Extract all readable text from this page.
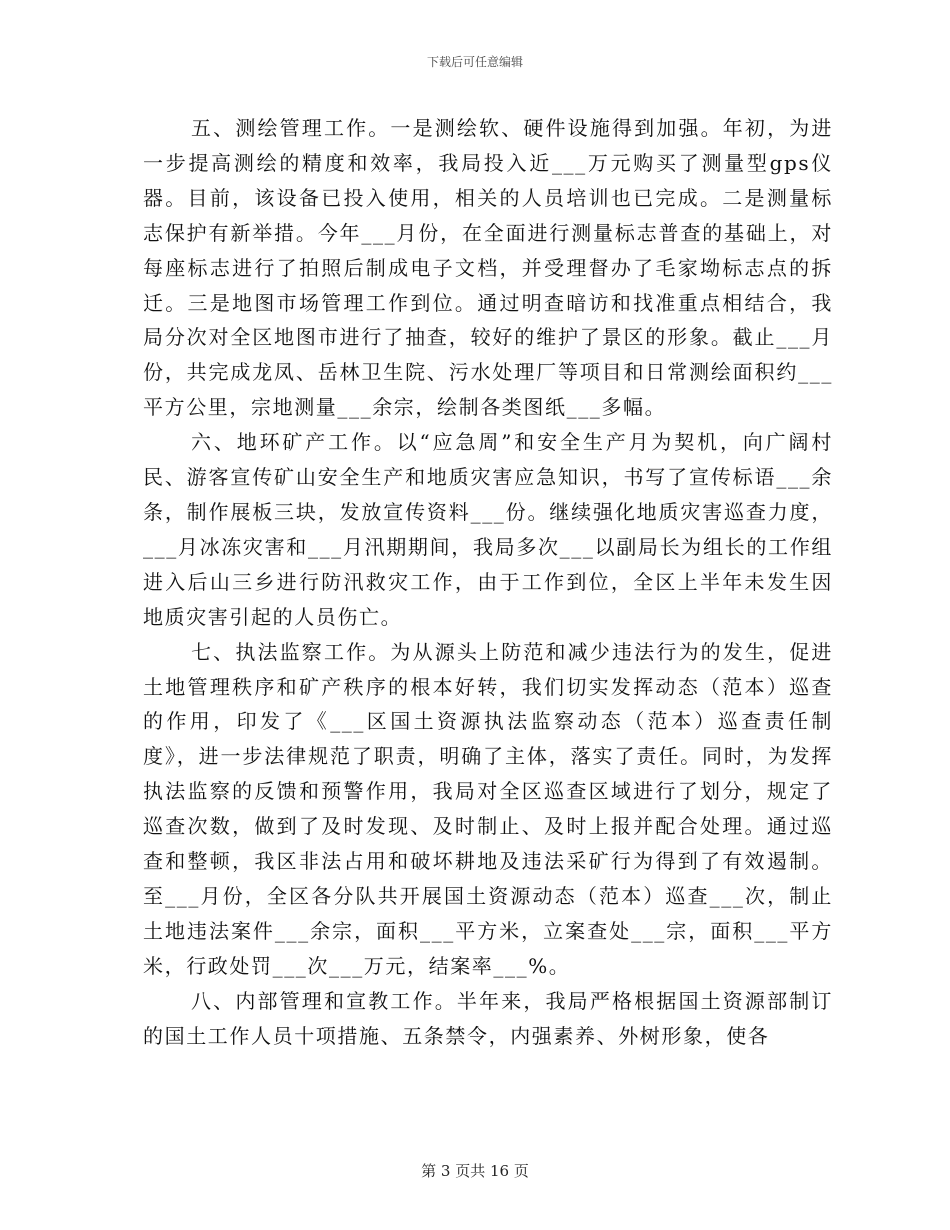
下载后可任意编辑

五、测绘管理工作。一是测绘软、硬件设施得到加强。年初，为进一步提高测绘的精度和效率，我局投入近___万元购买了测量型gps仪器。目前，该设备已投入使用，相关的人员培训也已完成。二是测量标志保护有新举措。今年___月份，在全面进行测量标志普查的基础上，对每座标志进行了拍照后制成电子文档，并受理督办了毛家坳标志点的拆迁。三是地图市场管理工作到位。通过明查暗访和找准重点相结合，我局分次对全区地图市进行了抽查，较好的维护了景区的形象。截止___月份，共完成龙凤、岳林卫生院、污水处理厂等项目和日常测绘面积约___平方公里，宗地测量___余宗，绘制各类图纸___多幅。

六、地环矿产工作。以“应急周”和安全生产月为契机，向广阔村民、游客宣传矿山安全生产和地质灾害应急知识，书写了宣传标语___余条，制作展板三块，发放宣传资料___份。继续强化地质灾害巡查力度，___月冰冻灾害和___月汛期期间，我局多次___以副局长为组长的工作组进入后山三乡进行防汛救灾工作，由于工作到位，全区上半年未发生因地质灾害引起的人员伤亡。

七、执法监察工作。为从源头上防范和减少违法行为的发生，促进土地管理秩序和矿产秩序的根本好转，我们切实发挥动态（范本）巡查的作用，印发了《___区国土资源执法监察动态（范本）巡查责任制度》，进一步法律规范了职责，明确了主体，落实了责任。同时，为发挥执法监察的反馈和预警作用，我局对全区巡查区域进行了划分，规定了巡查次数，做到了及时发现、及时制止、及时上报并配合处理。通过巡查和整顿，我区非法占用和破坏耕地及违法采矿行为得到了有效遏制。至___月份，全区各分队共开展国土资源动态（范本）巡查___次，制止土地违法案件___余宗，面积___平方米，立案查处___宗，面积___平方米，行政处罚___次___万元，结案率___%。

八、内部管理和宣教工作。半年来，我局严格根据国土资源部制订的国土工作人员十项措施、五条禁令，内强素养、外树形象，使各

第 3 页共 16 页
